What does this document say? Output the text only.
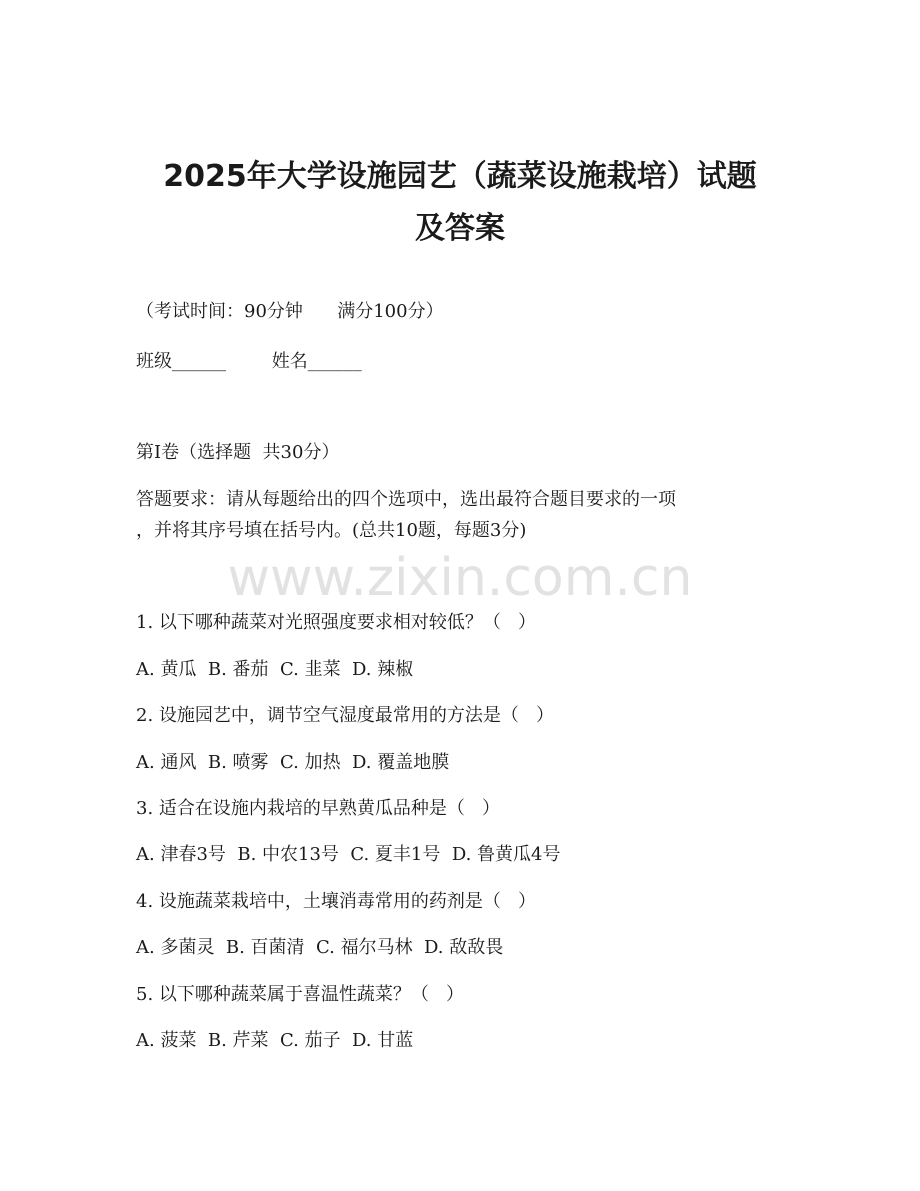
www.zixin.com.cn
2025年大学设施园艺（蔬菜设施栽培）试题
及答案

（考试时间：90分钟      满分100分）

班级______        姓名______

第I卷（选择题  共30分）

答题要求：请从每题给出的四个选项中，选出最符合题目要求的一项

，并将其序号填在括号内。(总共10题，每题3分)

1. 以下哪种蔬菜对光照强度要求相对较低？（   ）

A. 黄瓜  B. 番茄  C. 韭菜  D. 辣椒

2. 设施园艺中，调节空气湿度最常用的方法是（   ）

A. 通风  B. 喷雾  C. 加热  D. 覆盖地膜

3. 适合在设施内栽培的早熟黄瓜品种是（   ）

A. 津春3号  B. 中农13号  C. 夏丰1号  D. 鲁黄瓜4号

4. 设施蔬菜栽培中，土壤消毒常用的药剂是（   ）

A. 多菌灵  B. 百菌清  C. 福尔马林  D. 敌敌畏

5. 以下哪种蔬菜属于喜温性蔬菜？（   ）

A. 菠菜  B. 芹菜  C. 茄子  D. 甘蓝
